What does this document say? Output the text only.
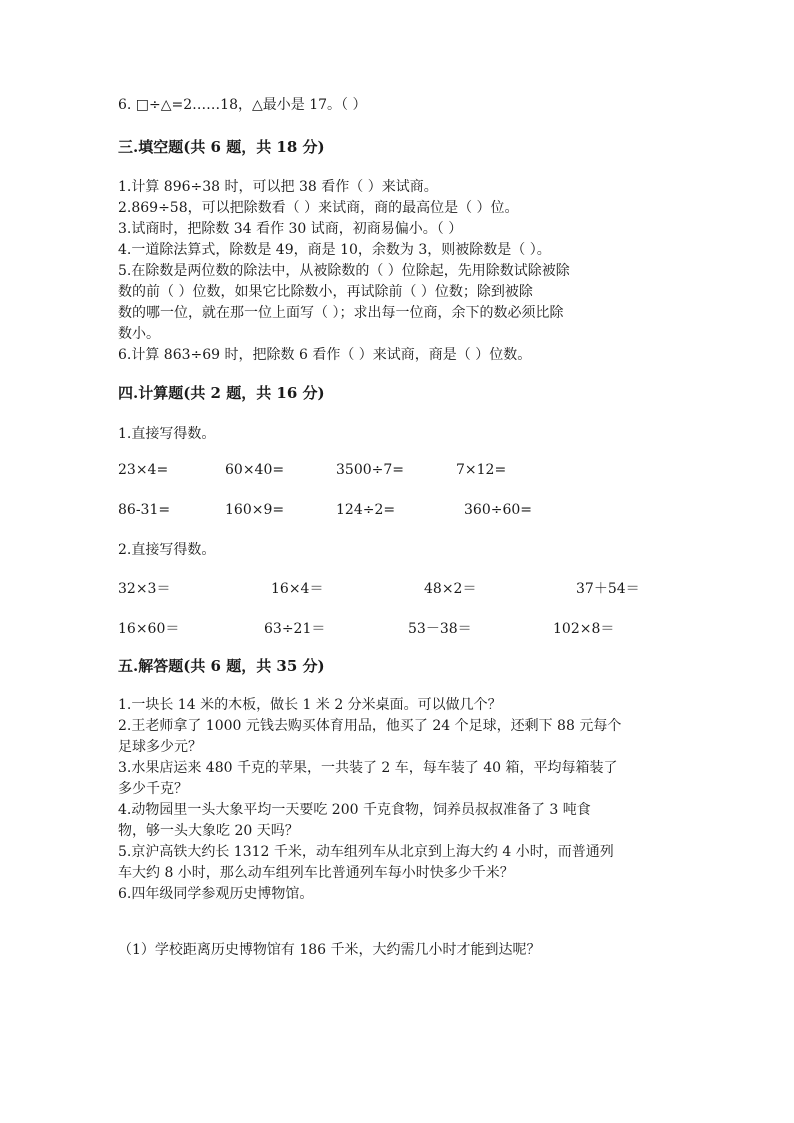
6. □÷△=2……18，△最小是 17。（ ）
三.填空题(共 6 题，共 18 分)
1.计算 896÷38 时，可以把 38 看作（ ）来试商。
2.869÷58，可以把除数看（ ）来试商，商的最高位是（ ）位。
3.试商时，把除数 34 看作 30 试商，初商易偏小。（ ）
4.一道除法算式，除数是 49，商是 10，余数为 3，则被除数是（ ）。
5.在除数是两位数的除法中，从被除数的（ ）位除起，先用除数试除被除
数的前（ ）位数，如果它比除数小，再试除前（ ）位数；除到被除
数的哪一位，就在那一位上面写（ ）；求出每一位商，余下的数必须比除
数小。
6.计算 863÷69 时，把除数 6 看作（ ）来试商，商是（ ）位数。
四.计算题(共 2 题，共 16 分)
1.直接写得数。
23×4=	60×40=	3500÷7=	7×12=
86-31=	160×9=	124÷2=	360÷60=
2.直接写得数。
32×3＝	16×4＝	48×2＝	37＋54＝
16×60＝	63÷21＝	53－38＝	102×8＝
五.解答题(共 6 题，共 35 分)
1.一块长 14 米的木板，做长 1 米 2 分米桌面。可以做几个？
2.王老师拿了 1000 元钱去购买体育用品，他买了 24 个足球，还剩下 88 元每个
足球多少元？
3.水果店运来 480 千克的苹果，一共装了 2 车，每车装了 40 箱，平均每箱装了
多少千克？
4.动物园里一头大象平均一天要吃 200 千克食物，饲养员叔叔准备了 3 吨食
物，够一头大象吃 20 天吗？
5.京沪高铁大约长 1312 千米，动车组列车从北京到上海大约 4 小时，而普通列
车大约 8 小时，那么动车组列车比普通列车每小时快多少千米？
6.四年级同学参观历史博物馆。
（1）学校距离历史博物馆有 186 千米，大约需几小时才能到达呢？
